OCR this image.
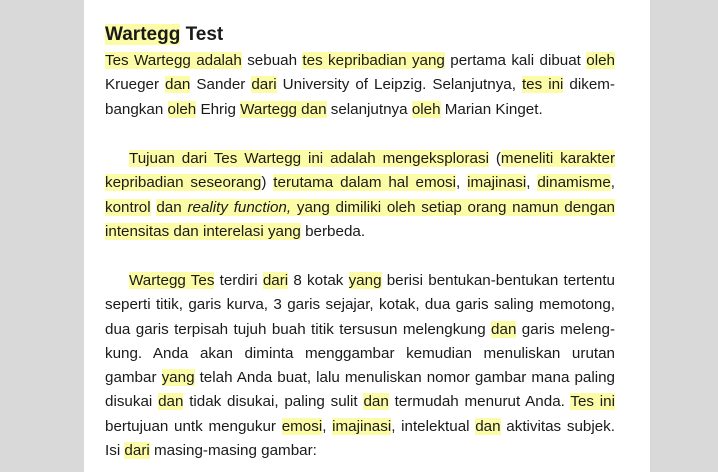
Wartegg Test
Tes Wartegg adalah sebuah tes kepribadian yang pertama kali dibuat oleh Krueger dan Sander dari University of Leipzig. Selanjutnya, tes ini dikembangkan oleh Ehrig Wartegg dan selanjutnya oleh Marian Kinget.
Tujuan dari Tes Wartegg ini adalah mengeksplorasi (meneliti karakter kepribadian seseorang) terutama dalam hal emosi, imajinasi, dinamisme, kontrol dan reality function, yang dimiliki oleh setiap orang namun dengan intensitas dan interelasi yang berbeda.
Wartegg Tes terdiri dari 8 kotak yang berisi bentukan-bentukan tertentu seperti titik, garis kurva, 3 garis sejajar, kotak, dua garis saling memotong, dua garis terpisah tujuh buah titik tersusun melengkung dan garis melengkung. Anda akan diminta menggambar kemudian menuliskan urutan gambar yang telah Anda buat, lalu menuliskan nomor gambar mana paling disukai dan tidak disukai, paling sulit dan termudah menurut Anda. Tes ini bertujuan untk mengukur emosi, imajinasi, intelektual dan aktivitas subjek. Isi dari masing-masing gambar:
